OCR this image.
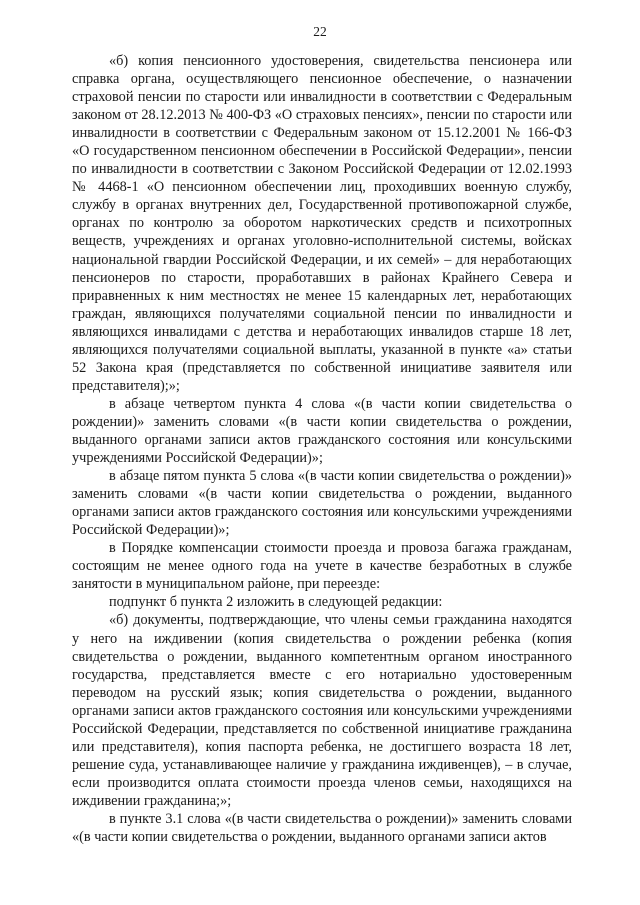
22

«б) копия пенсионного удостоверения, свидетельства пенсионера или справка органа, осуществляющего пенсионное обеспечение, о назначении страховой пенсии по старости или инвалидности в соответствии с Федеральным законом от 28.12.2013 № 400-ФЗ «О страховых пенсиях», пенсии по старости или инвалидности в соответствии с Федеральным законом от 15.12.2001 № 166-ФЗ «О государственном пенсионном обеспечении в Российской Федерации», пенсии по инвалидности в соответствии с Законом Российской Федерации от 12.02.1993 № 4468-1 «О пенсионном обеспечении лиц, проходивших военную службу, службу в органах внутренних дел, Государственной противопожарной службе, органах по контролю за оборотом наркотических средств и психотропных веществ, учреждениях и органах уголовно-исполнительной системы, войсках национальной гвардии Российской Федерации, и их семей» – для неработающих пенсионеров по старости, проработавших в районах Крайнего Севера и приравненных к ним местностях не менее 15 календарных лет, неработающих граждан, являющихся получателями социальной пенсии по инвалидности и являющихся инвалидами с детства и неработающих инвалидов старше 18 лет, являющихся получателями социальной выплаты, указанной в пункте «а» статьи 52 Закона края (представляется по собственной инициативе заявителя или представителя);»;

в абзаце четвертом пункта 4 слова «(в части копии свидетельства о рождении)» заменить словами «(в части копии свидетельства о рождении, выданного органами записи актов гражданского состояния или консульскими учреждениями Российской Федерации)»;

в абзаце пятом пункта 5 слова «(в части копии свидетельства о рождении)» заменить словами «(в части копии свидетельства о рождении, выданного органами записи актов гражданского состояния или консульскими учреждениями Российской Федерации)»;

в Порядке компенсации стоимости проезда и провоза багажа гражданам, состоящим не менее одного года на учете в качестве безработных в службе занятости в муниципальном районе, при переезде:

подпункт б пункта 2 изложить в следующей редакции:

«б) документы, подтверждающие, что члены семьи гражданина находятся у него на иждивении (копия свидетельства о рождении ребенка (копия свидетельства о рождении, выданного компетентным органом иностранного государства, представляется вместе с его нотариально удостоверенным переводом на русский язык; копия свидетельства о рождении, выданного органами записи актов гражданского состояния или консульскими учреждениями Российской Федерации, представляется по собственной инициативе гражданина или представителя), копия паспорта ребенка, не достигшего возраста 18 лет, решение суда, устанавливающее наличие у гражданина иждивенцев), – в случае, если производится оплата стоимости проезда членов семьи, находящихся на иждивении гражданина;»;

в пункте 3.1 слова «(в части свидетельства о рождении)» заменить словами «(в части копии свидетельства о рождении, выданного органами записи актов
